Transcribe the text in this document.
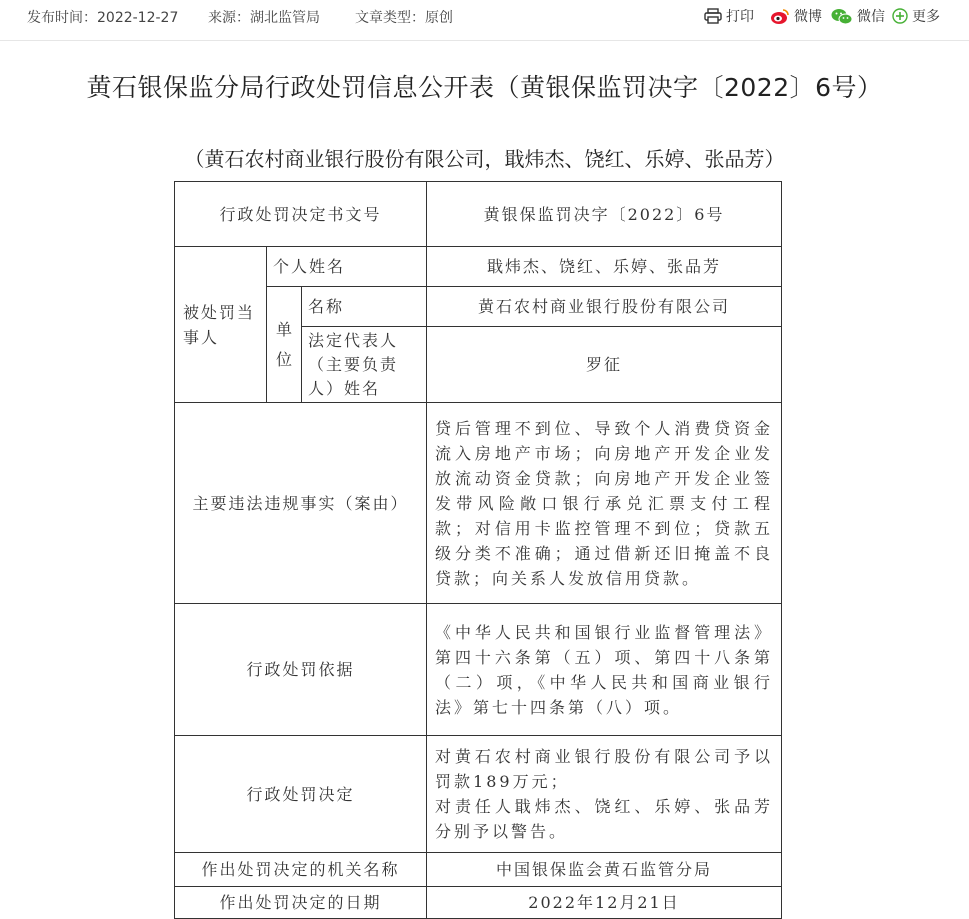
发布时间：2022-12-27 来源：湖北监管局	文章类型：原创	打印	微博	微信 更多
黄石银保监分局行政处罚信息公开表（黄银保监罚决字〔2022〕6号）
（黄石农村商业银行股份有限公司，戢炜杰、饶红、乐婷、张品芳）
行政处罚决定书文号			黄银保监罚决字〔2022〕6号
被处罚当事人	个人姓名		戢炜杰、饶红、乐婷、张品芳
	单位	名称	黄石农村商业银行股份有限公司
		法定代表人（主要负责人）姓名	罗征
主要违法违规事实（案由）			贷后管理不到位、导致个人消费贷资金流入房地产市场；向房地产开发企业发放流动资金贷款；向房地产开发企业签发带风险敞口银行承兑汇票支付工程款；对信用卡监控管理不到位；贷款五级分类不准确；通过借新还旧掩盖不良贷款；向关系人发放信用贷款。
行政处罚依据			《中华人民共和国银行业监督管理法》第四十六条第（五）项、第四十八条第（二）项，《中华人民共和国商业银行法》第七十四条第（八）项。
行政处罚决定			对黄石农村商业银行股份有限公司予以罚款189万元；
对责任人戢炜杰、饶红、乐婷、张品芳分别予以警告。

作出处罚决定的机关名称			中国银保监会黄石监管分局
作出处罚决定的日期			2022年12月21日
